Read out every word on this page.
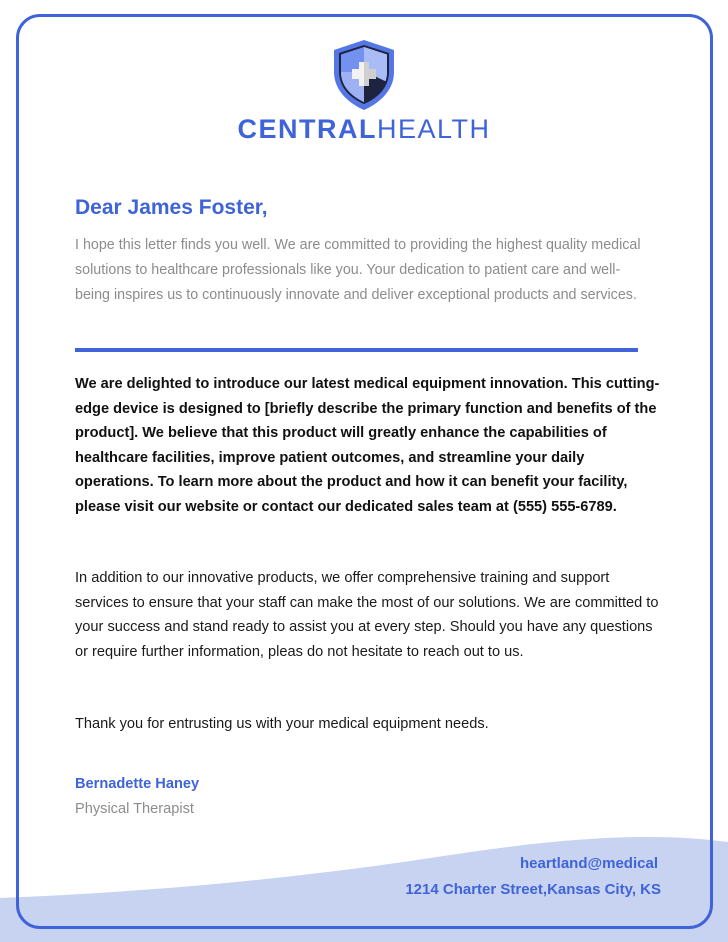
CENTRALHEALTH
Dear James Foster,
I hope this letter finds you well. We are committed to providing the highest quality medical solutions to healthcare professionals like you. Your dedication to patient care and well-being inspires us to continuously innovate and deliver exceptional products and services.
We are delighted to introduce our latest medical equipment innovation. This cutting-edge device is designed to [briefly describe the primary function and benefits of the product]. We believe that this product will greatly enhance the capabilities of healthcare facilities, improve patient outcomes, and streamline your daily operations. To learn more about the product and how it can benefit your facility, please visit our website or contact our dedicated sales team at (555) 555-6789.
In addition to our innovative products, we offer comprehensive training and support services to ensure that your staff can make the most of our solutions. We are committed to your success and stand ready to assist you at every step. Should you have any questions or require further information, pleas do not hesitate to reach out to us.
Thank you for entrusting us with your medical equipment needs.
Bernadette Haney
Physical Therapist
heartland@medical
1214 Charter Street,Kansas City, KS
